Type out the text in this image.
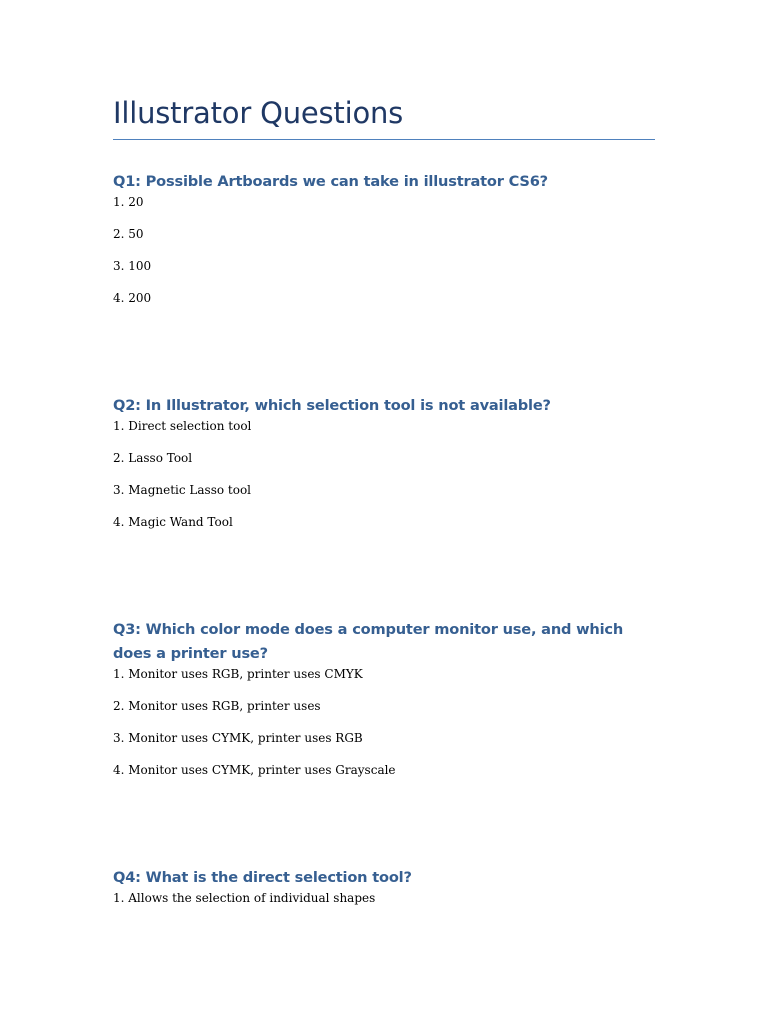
Illustrator Questions
Q1: Possible Artboards we can take in illustrator CS6?
1. 20
2. 50
3. 100
4. 200
Q2: In Illustrator, which selection tool is not available?
1. Direct selection tool
2. Lasso Tool
3. Magnetic Lasso tool
4. Magic Wand Tool
Q3: Which color mode does a computer monitor use, and which does a printer use?
1. Monitor uses RGB, printer uses CMYK
2. Monitor uses RGB, printer uses
3. Monitor uses CYMK, printer uses RGB
4. Monitor uses CYMK, printer uses Grayscale
Q4: What is the direct selection tool?
1. Allows the selection of individual shapes
